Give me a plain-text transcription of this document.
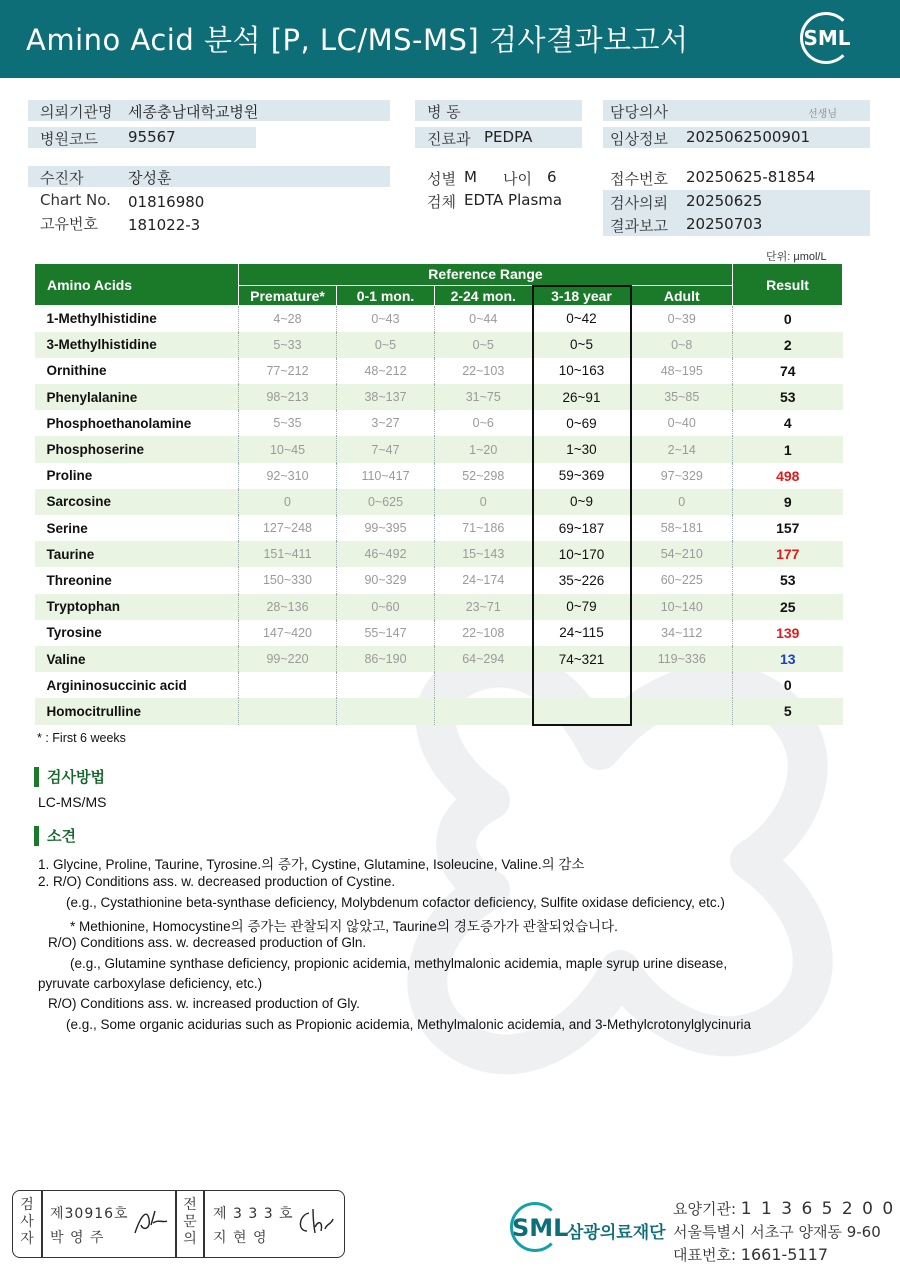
Amino Acid 분석 [P, LC/MS-MS] 검사결과보고서	SML
의뢰기관명 세종충남대학교병원
병원코드 95567
병 동
진료과 PEDPA
담당의사	선생님
임상정보 2025062500901
수진자	장성훈
Chart No. 01816980
고유번호 181022-3
성별 M 나이 6
검체 EDTA Plasma
접수번호 20250625-81854
검사의뢰 20250625
결과보고 20250703
단위: μmol/L
Amino Acids	Reference Range					Result
	Premature*	0-1 mon.	2-24 mon.	3-18 year	Adult	
1-Methylhistidine	4~28	0~43	0~44	0~42	0~39	0
3-Methylhistidine	5~33	0~5	0~5	0~5	0~8	2
Ornithine	77~212	48~212	22~103	10~163	48~195	74
Phenylalanine	98~213	38~137	31~75	26~91	35~85	53
Phosphoethanolamine	5~35	3~27	0~6	0~69	0~40	4
Phosphoserine	10~45	7~47	1~20	1~30	2~14	1
Proline	92~310	110~417	52~298	59~369	97~329	498
Sarcosine	0	0~625	0	0~9	0	9
Serine	127~248	99~395	71~186	69~187	58~181	157
Taurine	151~411	46~492	15~143	10~170	54~210	177
Threonine	150~330	90~329	24~174	35~226	60~225	53
Tryptophan	28~136	0~60	23~71	0~79	10~140	25
Tyrosine	147~420	55~147	22~108	24~115	34~112	139
Valine	99~220	86~190	64~294	74~321	119~336	13
Argininosuccinic acid						0
Homocitrulline						5
* : First 6 weeks
검사방법
LC-MS/MS
소견
1. Glycine, Proline, Taurine, Tyrosine.의 증가, Cystine, Glutamine, Isoleucine, Valine.의 감소
2. R/O) Conditions ass. w. decreased production of Cystine.
(e.g., Cystathionine beta-synthase deficiency, Molybdenum cofactor deficiency, Sulfite oxidase deficiency, etc.)
* Methionine, Homocystine의 증가는 관찰되지 않았고, Taurine의 경도증가가 관찰되었습니다.
R/O) Conditions ass. w. decreased production of Gln.
(e.g., Glutamine synthase deficiency, propionic acidemia, methylmalonic acidemia, maple syrup urine disease,
pyruvate carboxylase deficiency, etc.)
R/O) Conditions ass. w. increased production of Gly.
(e.g., Some organic acidurias such as Propionic acidemia, Methylmalonic acidemia, and 3-Methylcrotonylglycinuria
검사자
제30916호
박 영 주
전문의
제 3 3 3 호
지 현 영	SML
삼광의료재단
요양기관: 1 1 3 6 5 2 0 0
서울특별시 서초구 양재동 9-60
대표번호: 1661-5117
